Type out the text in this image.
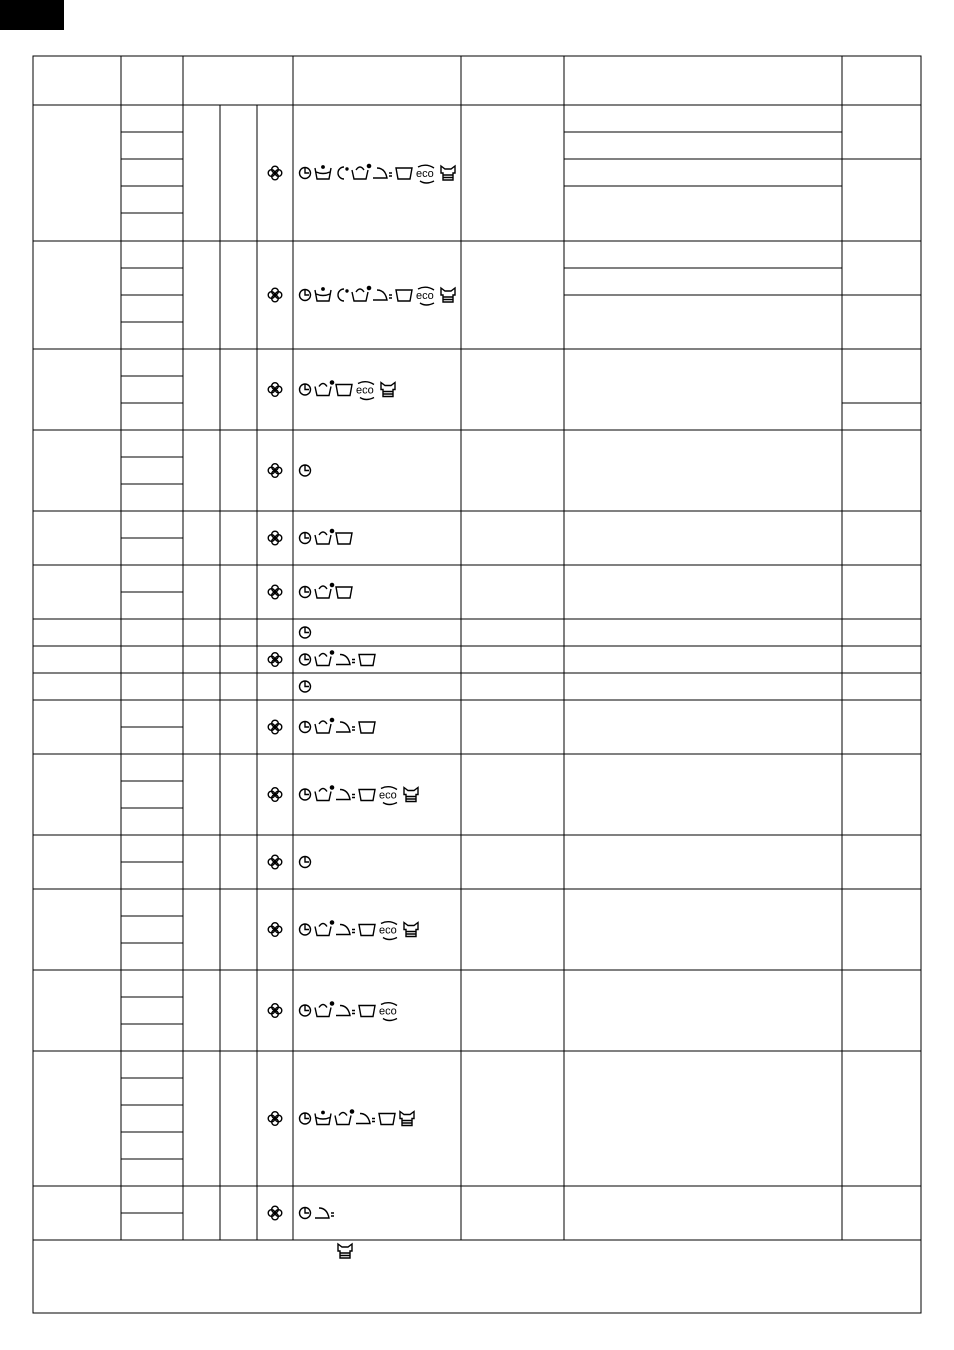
eco
eco
eco
eco
eco
eco
